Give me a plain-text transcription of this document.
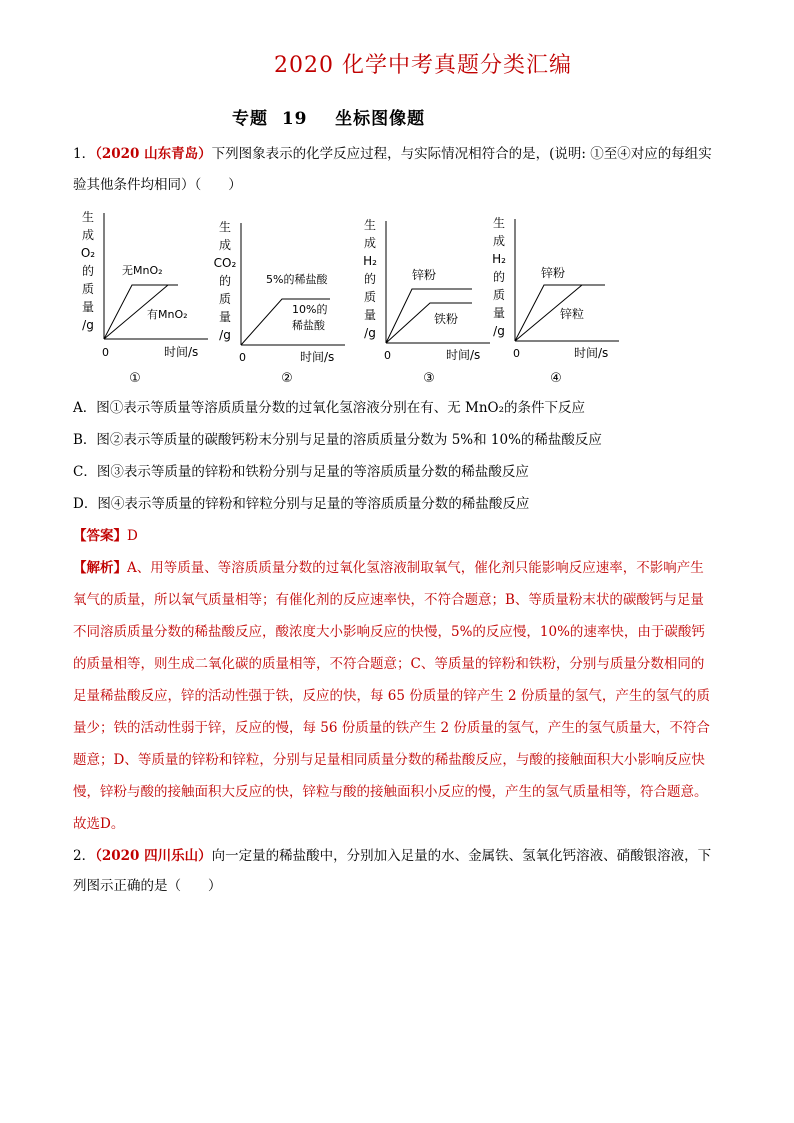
2020 化学中考真题分类汇编
专题  19    坐标图像题
1．（2020 山东青岛）下列图象表示的化学反应过程，与实际情况相符合的是，(说明: ①至④对应的每组实
验其他条件均相同）（　　）
生
成
O₂
的
质
量
/g
无MnO₂
有MnO₂
0	时间/s
①
生
成
CO₂
的
质
量
/g
5%的稀盐酸
10%的
稀盐酸
0	时间/s
②
生
成
H₂
的
质
量
/g
锌粉
铁粉
0	时间/s
③
生
成
H₂
的
质
量
/g
锌粉
锌粒
0	时间/s
④
A．图①表示等质量等溶质质量分数的过氧化氢溶液分别在有、无 MnO₂的条件下反应
B．图②表示等质量的碳酸钙粉末分别与足量的溶质质量分数为 5%和 10%的稀盐酸反应
C．图③表示等质量的锌粉和铁粉分别与足量的等溶质质量分数的稀盐酸反应
D．图④表示等质量的锌粉和锌粒分别与足量的等溶质质量分数的稀盐酸反应
【答案】D
【解析】A、用等质量、等溶质质量分数的过氧化氢溶液制取氧气，催化剂只能影响反应速率，不影响产生
氧气的质量，所以氧气质量相等；有催化剂的反应速率快，不符合题意；B、等质量粉末状的碳酸钙与足量
不同溶质质量分数的稀盐酸反应，酸浓度大小影响反应的快慢，5%的反应慢，10%的速率快，由于碳酸钙
的质量相等，则生成二氧化碳的质量相等，不符合题意；C、等质量的锌粉和铁粉，分别与质量分数相同的
足量稀盐酸反应，锌的活动性强于铁，反应的快，每 65 份质量的锌产生 2 份质量的氢气，产生的氢气的质
量少；铁的活动性弱于锌，反应的慢，每 56 份质量的铁产生 2 份质量的氢气，产生的氢气质量大，不符合
题意；D、等质量的锌粉和锌粒，分别与足量相同质量分数的稀盐酸反应，与酸的接触面积大小影响反应快
慢，锌粉与酸的接触面积大反应的快，锌粒与酸的接触面积小反应的慢，产生的氢气质量相等，符合题意。
故选D。
2．（2020 四川乐山）向一定量的稀盐酸中，分别加入足量的水、金属铁、氢氧化钙溶液、硝酸银溶液，下
列图示正确的是（　　）
